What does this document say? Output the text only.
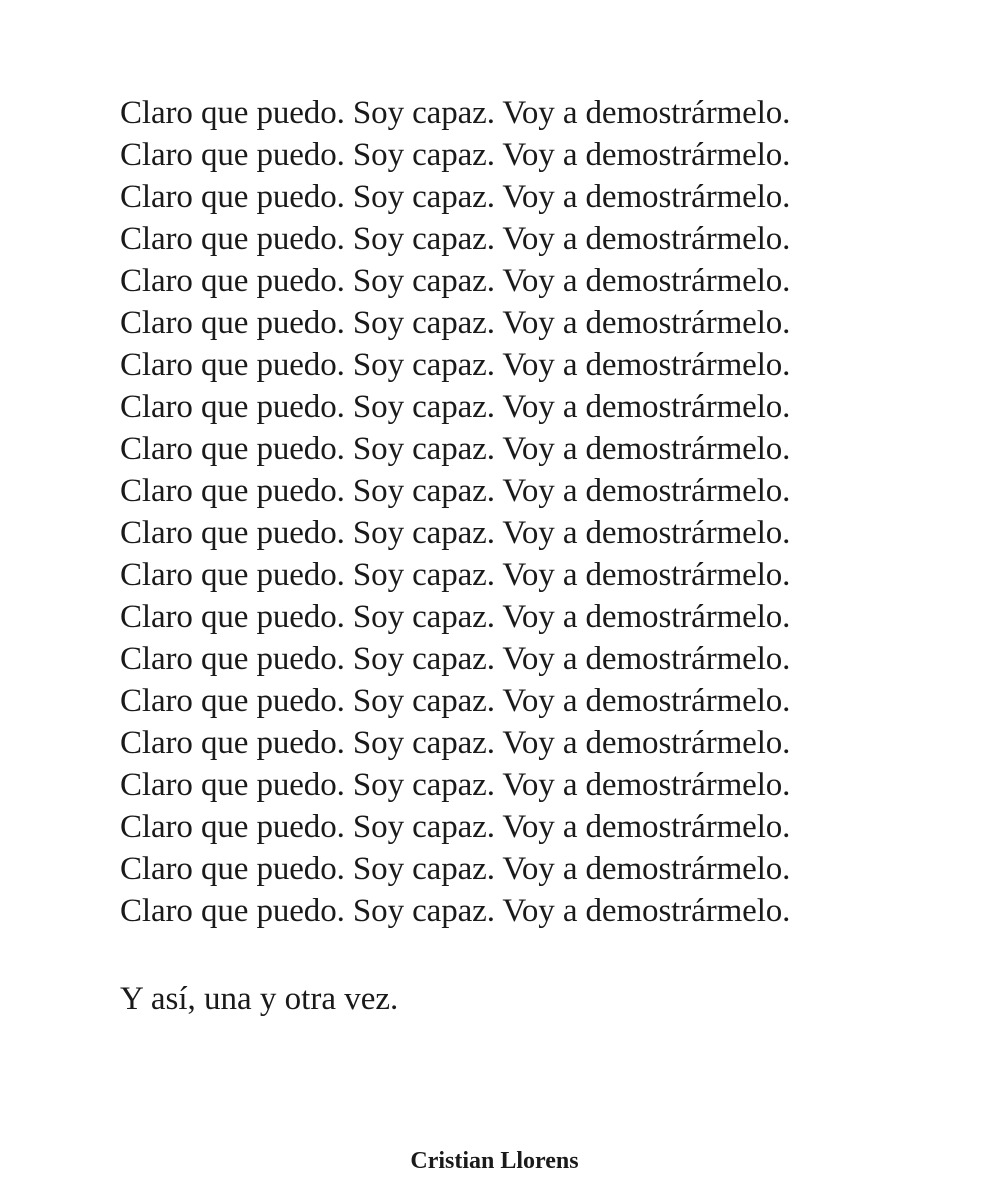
Claro que puedo. Soy capaz. Voy a demostrármelo.
Claro que puedo. Soy capaz. Voy a demostrármelo.
Claro que puedo. Soy capaz. Voy a demostrármelo.
Claro que puedo. Soy capaz. Voy a demostrármelo.
Claro que puedo. Soy capaz. Voy a demostrármelo.
Claro que puedo. Soy capaz. Voy a demostrármelo.
Claro que puedo. Soy capaz. Voy a demostrármelo.
Claro que puedo. Soy capaz. Voy a demostrármelo.
Claro que puedo. Soy capaz. Voy a demostrármelo.
Claro que puedo. Soy capaz. Voy a demostrármelo.
Claro que puedo. Soy capaz. Voy a demostrármelo.
Claro que puedo. Soy capaz. Voy a demostrármelo.
Claro que puedo. Soy capaz. Voy a demostrármelo.
Claro que puedo. Soy capaz. Voy a demostrármelo.
Claro que puedo. Soy capaz. Voy a demostrármelo.
Claro que puedo. Soy capaz. Voy a demostrármelo.
Claro que puedo. Soy capaz. Voy a demostrármelo.
Claro que puedo. Soy capaz. Voy a demostrármelo.
Claro que puedo. Soy capaz. Voy a demostrármelo.
Claro que puedo. Soy capaz. Voy a demostrármelo.
Y así, una y otra vez.
Cristian Llorens
